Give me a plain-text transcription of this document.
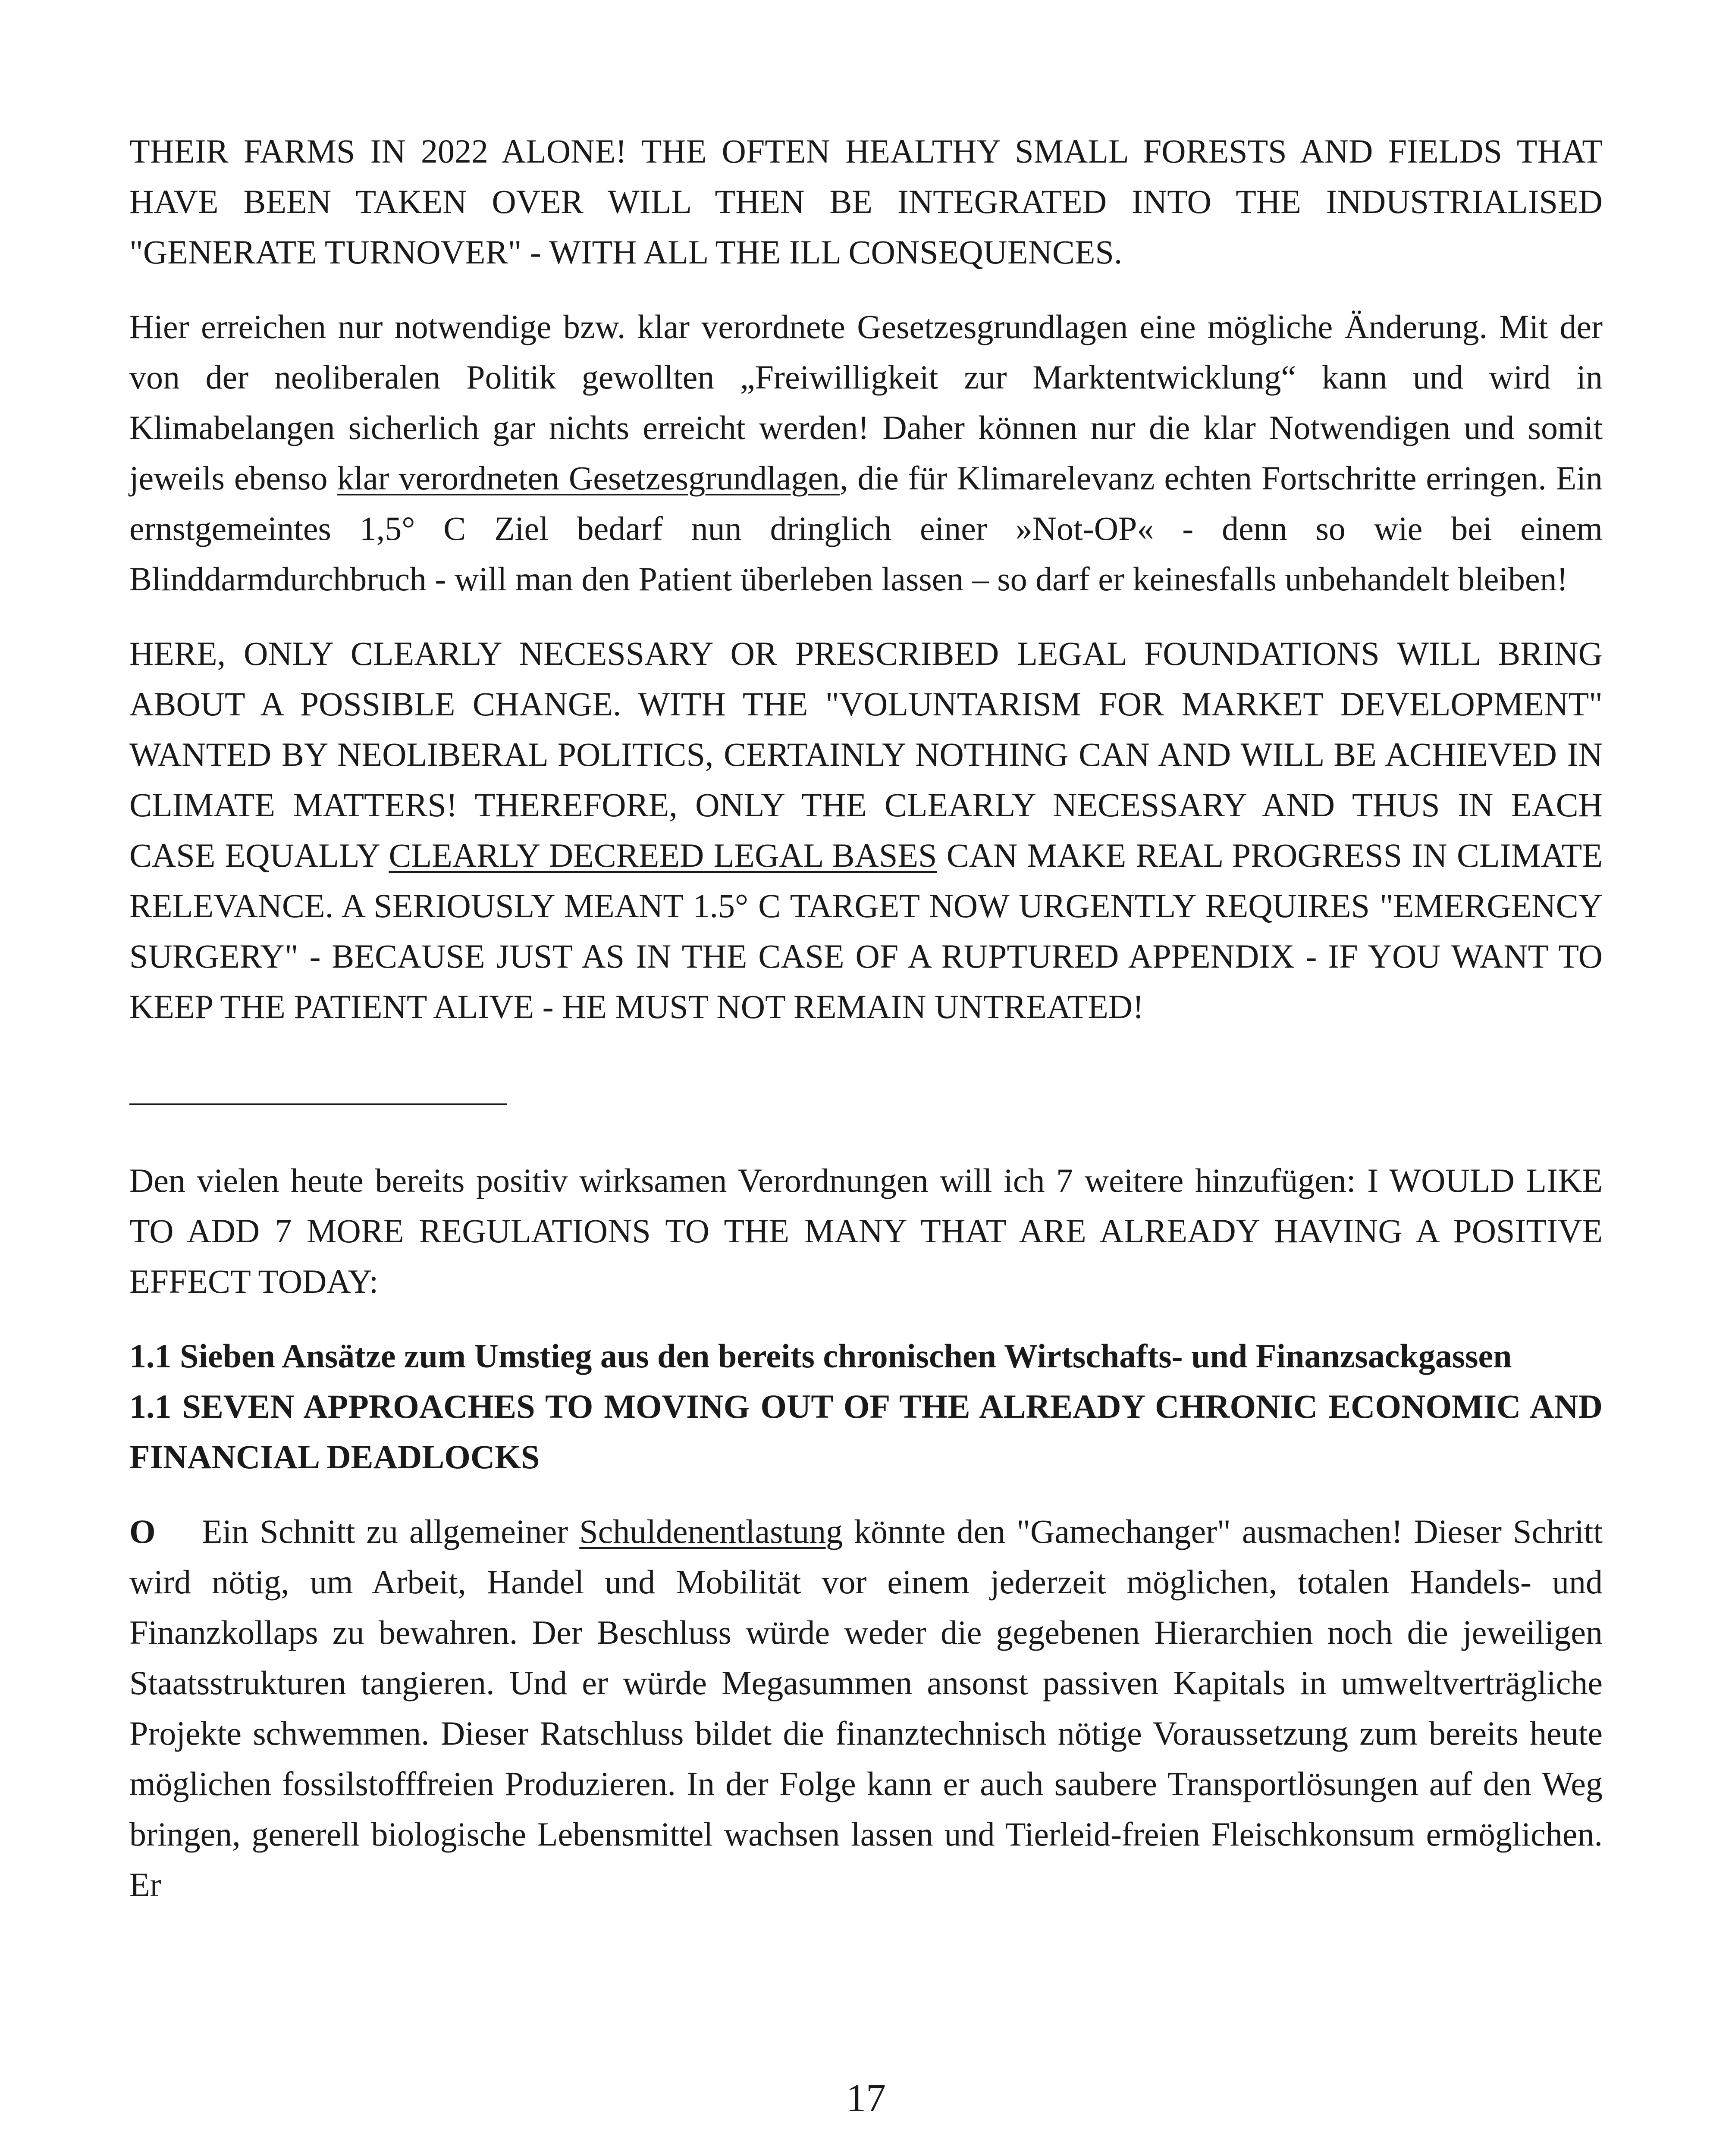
THEIR FARMS IN 2022 ALONE! THE OFTEN HEALTHY SMALL FORESTS AND FIELDS THAT HAVE BEEN TAKEN OVER WILL THEN BE INTEGRATED INTO THE INDUSTRIALISED "GENERATE TURNOVER" - WITH ALL THE ILL CONSEQUENCES.

Hier erreichen nur notwendige bzw. klar verordnete Gesetzesgrundlagen eine mögliche Änderung. Mit der von der neoliberalen Politik gewollten „Freiwilligkeit zur Marktentwicklung“ kann und wird in Klimabelangen sicherlich gar nichts erreicht werden! Daher können nur die klar Notwendigen und somit jeweils ebenso klar verordneten Gesetzesgrundlagen, die für Klimarelevanz echten Fortschritte erringen. Ein ernstgemeintes 1,5° C Ziel bedarf nun dringlich einer »Not-OP« - denn so wie bei einem Blinddarmdurchbruch - will man den Patient überleben lassen – so darf er keinesfalls unbehandelt bleiben!

HERE, ONLY CLEARLY NECESSARY OR PRESCRIBED LEGAL FOUNDATIONS WILL BRING ABOUT A POSSIBLE CHANGE. WITH THE "VOLUNTARISM FOR MARKET DEVELOPMENT" WANTED BY NEOLIBERAL POLITICS, CERTAINLY NOTHING CAN AND WILL BE ACHIEVED IN CLIMATE MATTERS! THEREFORE, ONLY THE CLEARLY NECESSARY AND THUS IN EACH CASE EQUALLY CLEARLY DECREED LEGAL BASES CAN MAKE REAL PROGRESS IN CLIMATE RELEVANCE. A SERIOUSLY MEANT 1.5° C TARGET NOW URGENTLY REQUIRES "EMERGENCY SURGERY" - BECAUSE JUST AS IN THE CASE OF A RUPTURED APPENDIX - IF YOU WANT TO KEEP THE PATIENT ALIVE - HE MUST NOT REMAIN UNTREATED!

Den vielen heute bereits positiv wirksamen Verordnungen will ich 7 weitere hinzufügen: I WOULD LIKE TO ADD 7 MORE REGULATIONS TO THE MANY THAT ARE ALREADY HAVING A POSITIVE EFFECT TODAY:

1.1 Sieben Ansätze zum Umstieg aus den bereits chronischen Wirtschafts- und Finanzsackgassen

1.1 SEVEN APPROACHES TO MOVING OUT OF THE ALREADY CHRONIC ECONOMIC AND FINANCIAL DEADLOCKS

O Ein Schnitt zu allgemeiner Schuldenentlastung könnte den "Gamechanger" ausmachen! Dieser Schritt wird nötig, um Arbeit, Handel und Mobilität vor einem jederzeit möglichen, totalen Handels- und Finanzkollaps zu bewahren. Der Beschluss würde weder die gegebenen Hierarchien noch die jeweiligen Staatsstrukturen tangieren. Und er würde Megasummen ansonst passiven Kapitals in umweltverträgliche Projekte schwemmen. Dieser Ratschluss bildet die finanztechnisch nötige Voraussetzung zum bereits heute möglichen fossilstofffreien Produzieren. In der Folge kann er auch saubere Transportlösungen auf den Weg bringen, generell biologische Lebensmittel wachsen lassen und Tierleid-freien Fleischkonsum ermöglichen. Er

17
